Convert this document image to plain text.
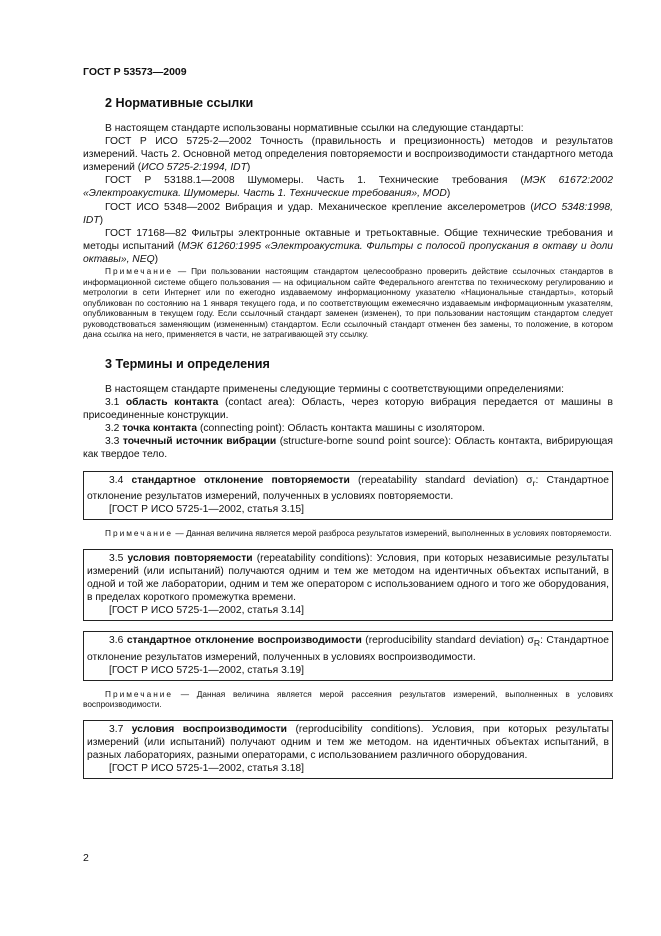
ГОСТ Р 53573—2009
2 Нормативные ссылки

В настоящем стандарте использованы нормативные ссылки на следующие стандарты:

ГОСТ Р ИСО 5725-2—2002 Точность (правильность и прецизионность) методов и результатов измерений. Часть 2. Основной метод определения повторяемости и воспроизводимости стандартного метода измерений (ИСО 5725-2:1994, IDT)

ГОСТ Р 53188.1—2008 Шумомеры. Часть 1. Технические требования (МЭК 61672:2002 «Электроакустика. Шумомеры. Часть 1. Технические требования», MOD)

ГОСТ ИСО 5348—2002 Вибрация и удар. Механическое крепление акселерометров (ИСО 5348:1998, IDT)

ГОСТ 17168—82 Фильтры электронные октавные и третьоктавные. Общие технические требования и методы испытаний (МЭК 61260:1995 «Электроакустика. Фильтры с полосой пропускания в октаву и доли октавы», NEQ)

Примечание — При пользовании настоящим стандартом целесообразно проверить действие ссылочных стандартов в информационной системе общего пользования — на официальном сайте Федерального агентства по техническому регулированию и метрологии в сети Интернет или по ежегодно издаваемому информационному указателю «Национальные стандарты», который опубликован по состоянию на 1 января текущего года, и по соответствующим ежемесячно издаваемым информационным указателям, опубликованным в текущем году. Если ссылочный стандарт заменен (изменен), то при пользовании настоящим стандартом следует руководствоваться заменяющим (измененным) стандартом. Если ссылочный стандарт отменен без замены, то положение, в котором дана ссылка на него, применяется в части, не затрагивающей эту ссылку.

3 Термины и определения

В настоящем стандарте применены следующие термины с соответствующими определениями:

3.1 область контакта (contact area): Область, через которую вибрация передается от машины в присоединенные конструкции.

3.2 точка контакта (connecting point): Область контакта машины с изолятором.

3.3 точечный источник вибрации (structure-borne sound point source): Область контакта, вибрирующая как твердое тело.

3.4 стандартное отклонение повторяемости (repeatability standard deviation) $\sigma_r$: Стандартное отклонение результатов измерений, полученных в условиях повторяемости.

[ГОСТ Р ИСО 5725-1—2002, статья 3.15]

Примечание — Данная величина является мерой разброса результатов измерений, выполненных в условиях повторяемости.

3.5 условия повторяемости (repeatability conditions): Условия, при которых независимые результаты измерений (или испытаний) получаются одним и тем же методом на идентичных объектах испытаний, в одной и той же лаборатории, одним и тем же оператором с использованием одного и того же оборудования, в пределах короткого промежутка времени.

[ГОСТ Р ИСО 5725-1—2002, статья 3.14]

3.6 стандартное отклонение воспроизводимости (reproducibility standard deviation) $\sigma_R$: Стандартное отклонение результатов измерений, полученных в условиях воспроизводимости.

[ГОСТ Р ИСО 5725-1—2002, статья 3.19]

Примечание — Данная величина является мерой рассеяния результатов измерений, выполненных в условиях воспроизводимости.

3.7 условия воспроизводимости (reproducibility conditions). Условия, при которых результаты измерений (или испытаний) получают одним и тем же методом. на идентичных объектах испытаний, в разных лабораториях, разными операторами, с использованием различного оборудования.

[ГОСТ Р ИСО 5725-1—2002, статья 3.18]

2
